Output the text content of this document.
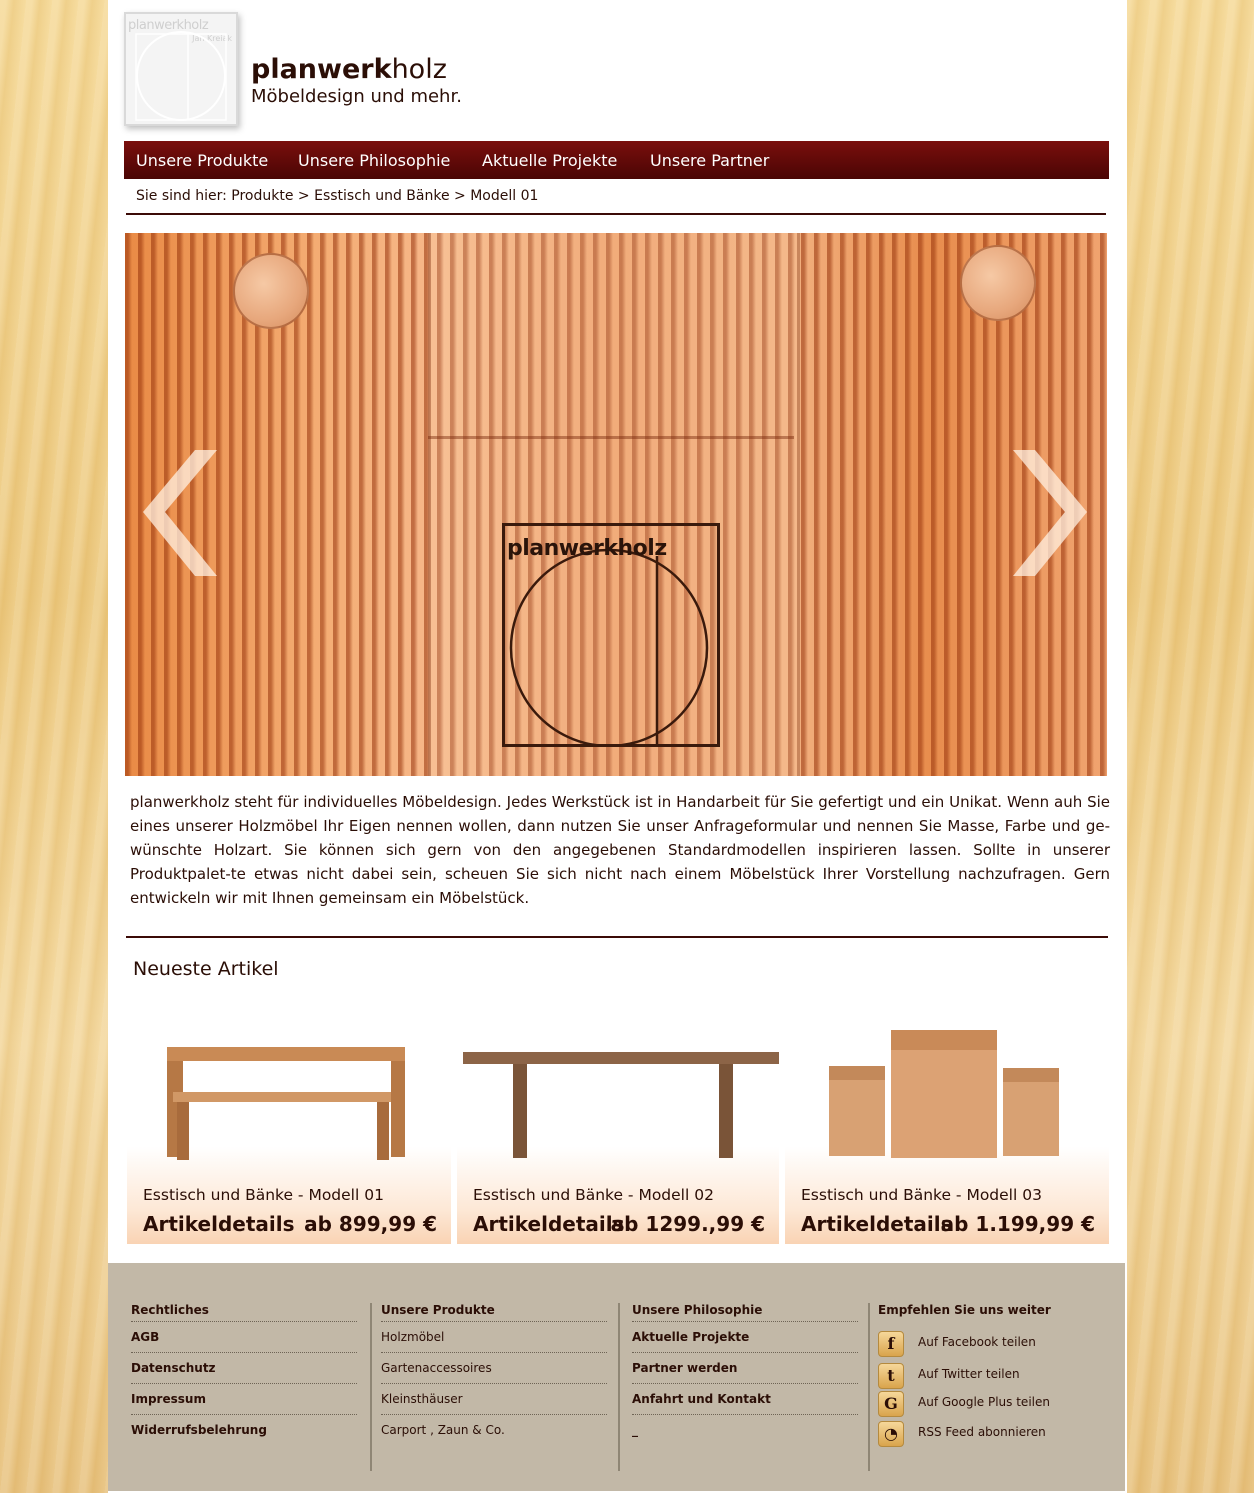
planwerkholz
Jan Kreiak
planwerkholz
Möbeldesign und mehr.
Unsere Produkte Unsere Philosophie Aktuelle Projekte Unsere Partner
Sie sind hier: Produkte > Esstisch und Bänke > Modell 01
planwerkholz
planwerkholz steht für individuelles Möbeldesign. Jedes Werkstück ist in Handarbeit für Sie gefertigt und ein Unikat. Wenn auh Sie eines unserer Holzmöbel Ihr Eigen nennen wollen, dann nutzen Sie unser Anfrageformular und nennen Sie Masse, Farbe und ge-wünschte Holzart. Sie können sich gern von den angegebenen Standardmodellen inspirieren lassen. Sollte in unserer Produktpalet-te etwas nicht dabei sein, scheuen Sie sich nicht nach einem Möbelstück Ihrer Vorstellung nachzufragen. Gern entwickeln wir mit Ihnen gemeinsam ein Möbelstück.
Neueste Artikel
Esstisch und Bänke - Modell 01
Artikeldetails ab 899,99 €
Esstisch und Bänke - Modell 02
Artikeldetails
ab 1299.,99 €
Esstisch und Bänke - Modell 03
Artikeldetails
ab 1.199,99 €
Rechtliches
AGB
Datenschutz
Impressum
Widerrufsbelehrung
Unsere Produkte
Holzmöbel
Gartenaccessoires
Kleinsthäuser
Carport , Zaun & Co.
Unsere Philosophie
Aktuelle Projekte
Partner werden
Anfahrt und Kontakt
_
Empfehlen Sie uns weiter
f	Auf Facebook teilen
t	Auf Twitter teilen
G	Auf Google Plus teilen
◔	RSS Feed abonnieren
